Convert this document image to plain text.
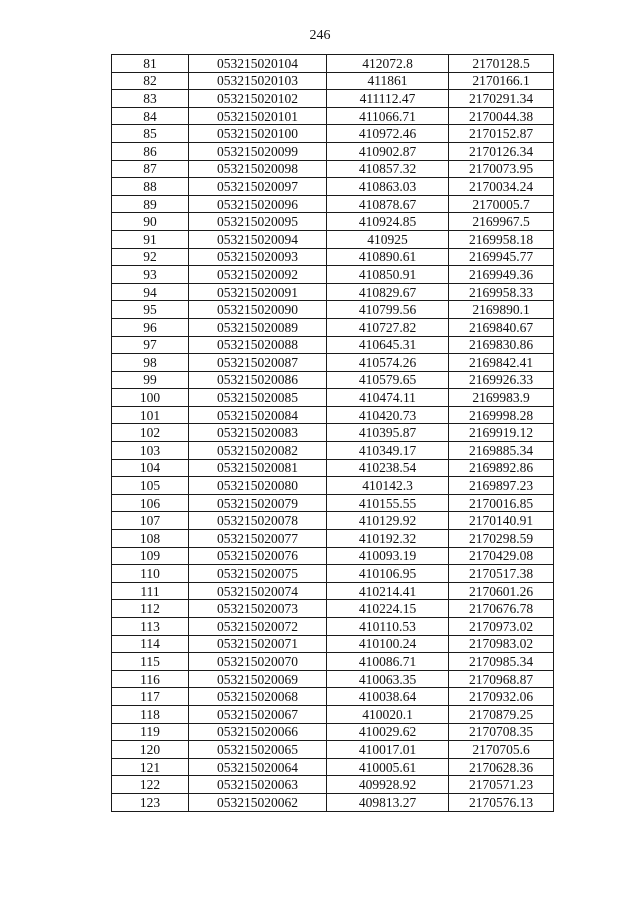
246
81	053215020104	412072.8	2170128.5
82	053215020103	411861	2170166.1
83	053215020102	411112.47	2170291.34
84	053215020101	411066.71	2170044.38
85	053215020100	410972.46	2170152.87
86	053215020099	410902.87	2170126.34
87	053215020098	410857.32	2170073.95
88	053215020097	410863.03	2170034.24
89	053215020096	410878.67	2170005.7
90	053215020095	410924.85	2169967.5
91	053215020094	410925	2169958.18
92	053215020093	410890.61	2169945.77
93	053215020092	410850.91	2169949.36
94	053215020091	410829.67	2169958.33
95	053215020090	410799.56	2169890.1
96	053215020089	410727.82	2169840.67
97	053215020088	410645.31	2169830.86
98	053215020087	410574.26	2169842.41
99	053215020086	410579.65	2169926.33
100	053215020085	410474.11	2169983.9
101	053215020084	410420.73	2169998.28
102	053215020083	410395.87	2169919.12
103	053215020082	410349.17	2169885.34
104	053215020081	410238.54	2169892.86
105	053215020080	410142.3	2169897.23
106	053215020079	410155.55	2170016.85
107	053215020078	410129.92	2170140.91
108	053215020077	410192.32	2170298.59
109	053215020076	410093.19	2170429.08
110	053215020075	410106.95	2170517.38
111	053215020074	410214.41	2170601.26
112	053215020073	410224.15	2170676.78
113	053215020072	410110.53	2170973.02
114	053215020071	410100.24	2170983.02
115	053215020070	410086.71	2170985.34
116	053215020069	410063.35	2170968.87
117	053215020068	410038.64	2170932.06
118	053215020067	410020.1	2170879.25
119	053215020066	410029.62	2170708.35
120	053215020065	410017.01	2170705.6
121	053215020064	410005.61	2170628.36
122	053215020063	409928.92	2170571.23
123	053215020062	409813.27	2170576.13
